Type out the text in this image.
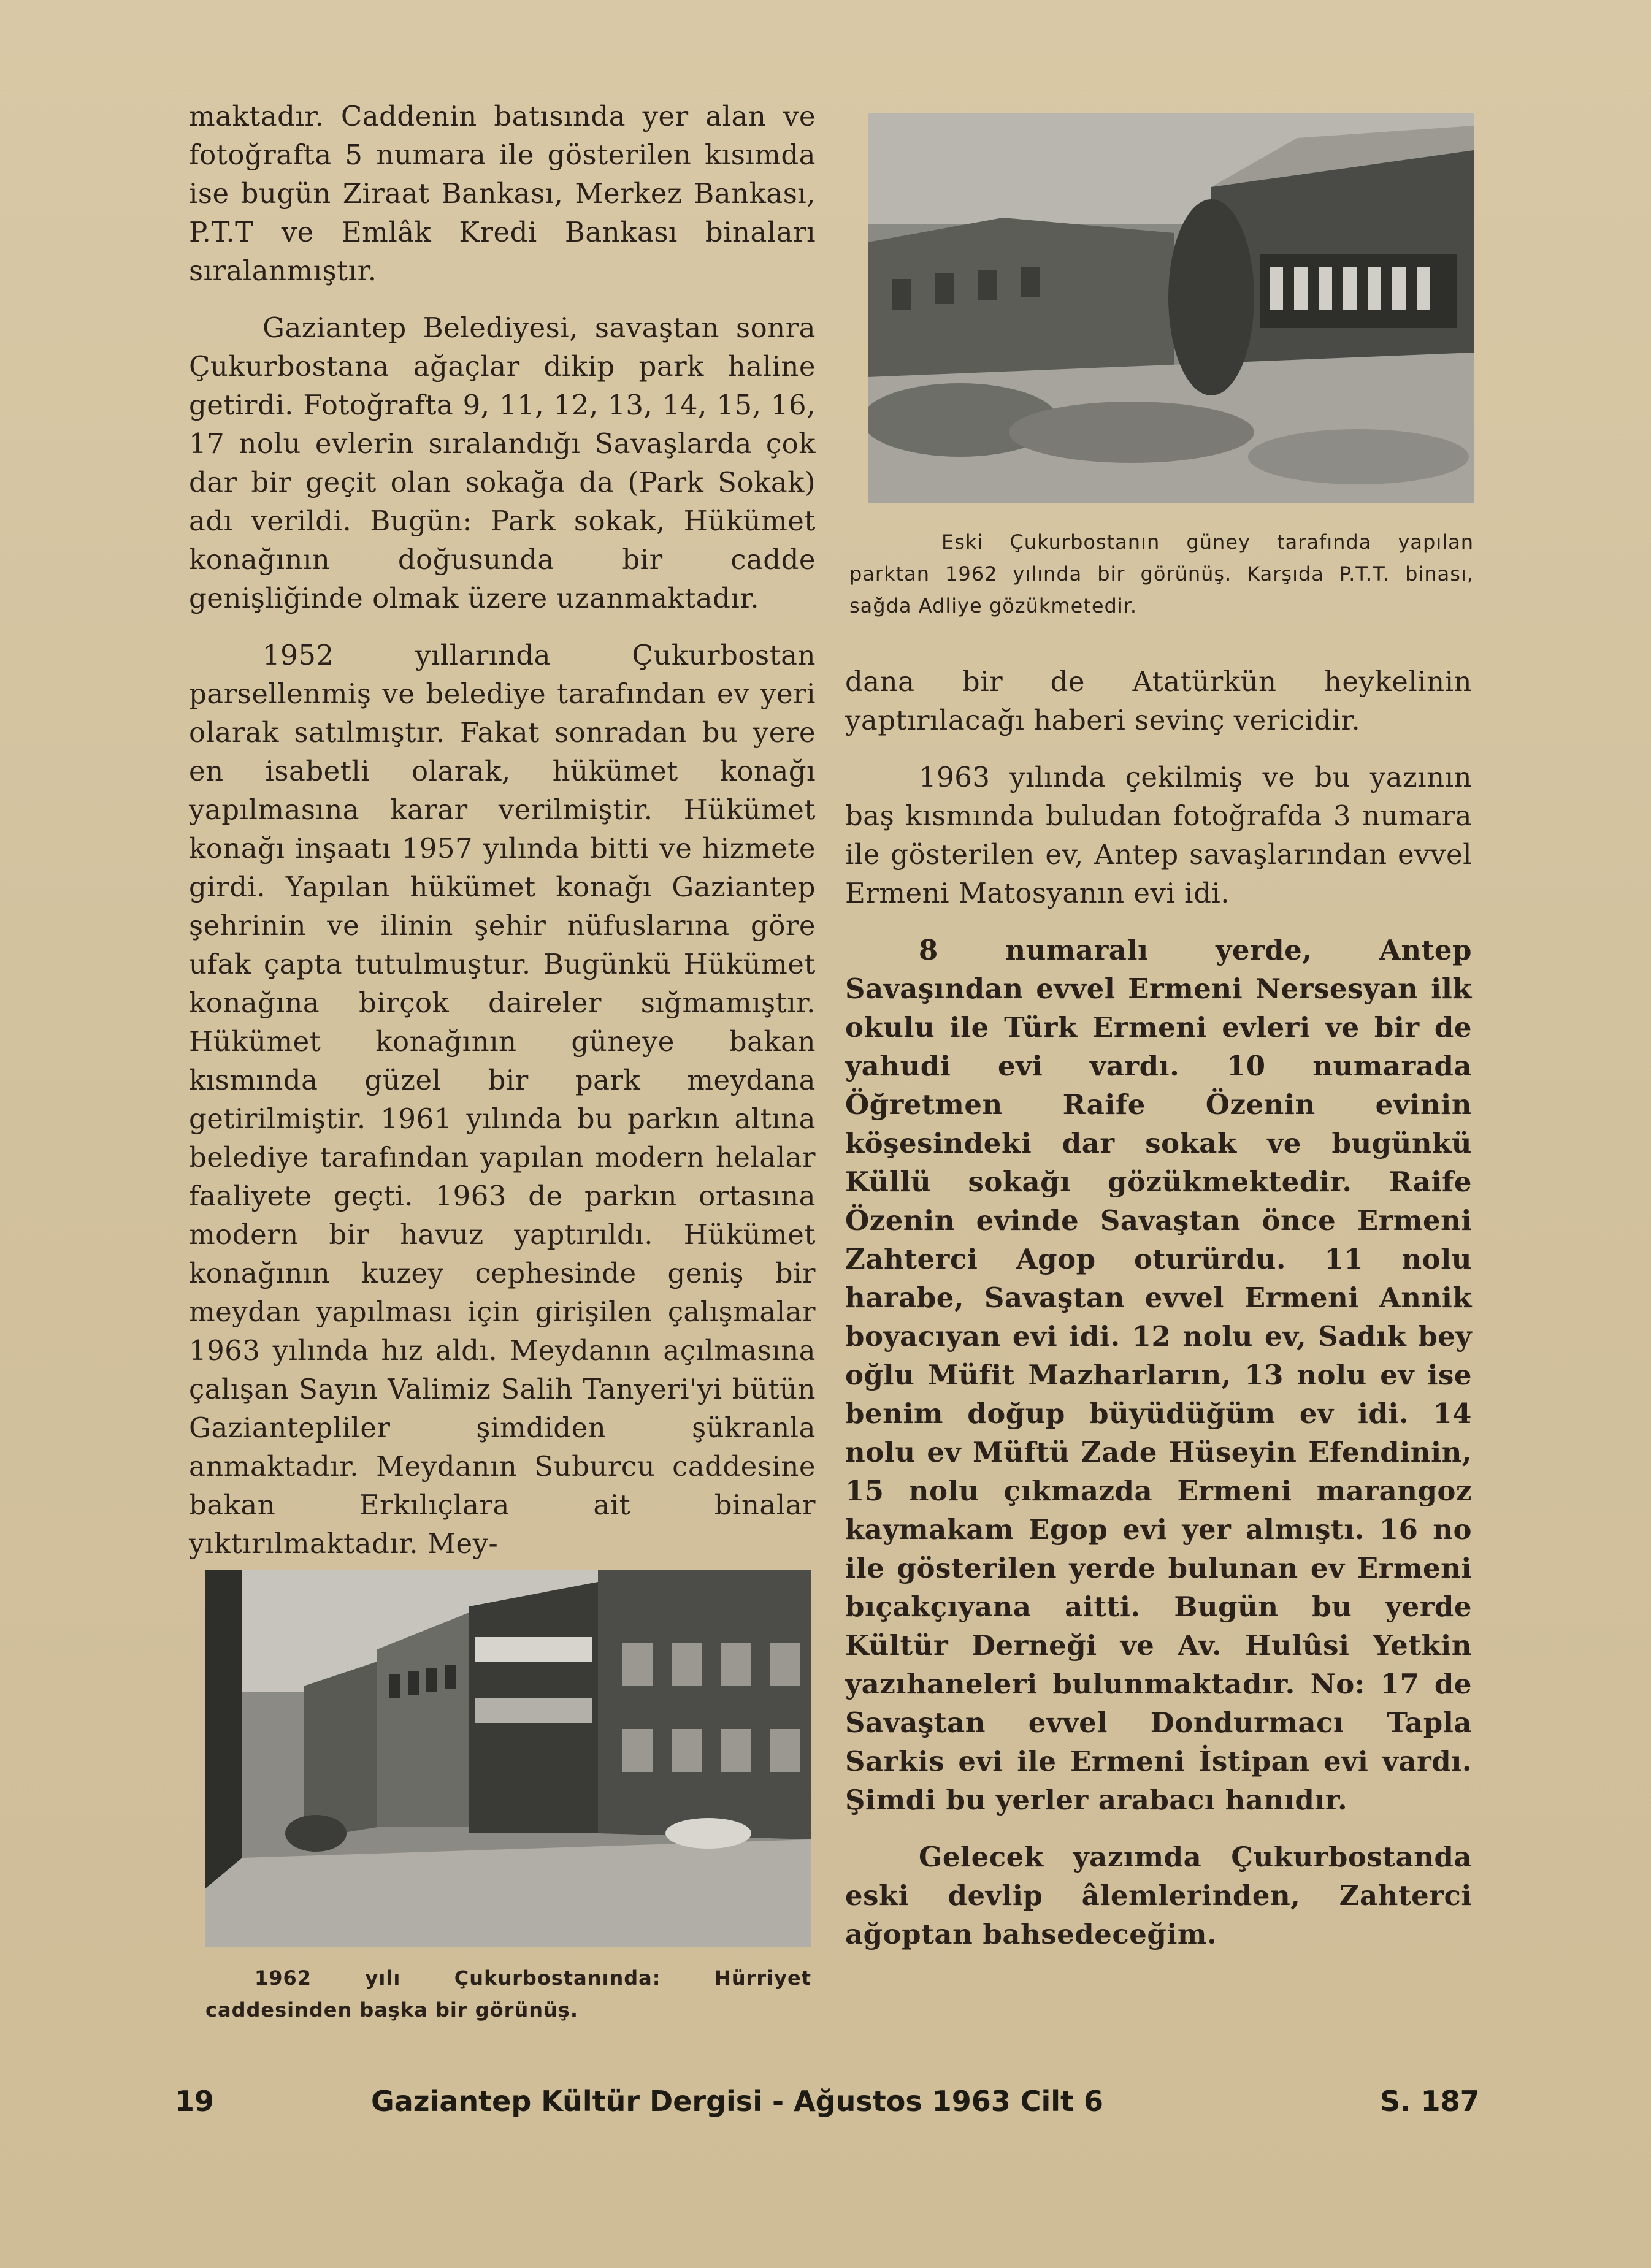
maktadır. Caddenin batısında yer alan ve fotoğrafta 5 numara ile gösterilen kısımda ise bugün Ziraat Bankası, Merkez Bankası, P.T.T ve Emlâk Kredi Bankası binaları sıralanmıştır.

Gaziantep Belediyesi, savaştan sonra Çukurbostana ağaçlar dikip park haline getirdi. Fotoğrafta 9, 11, 12, 13, 14, 15, 16, 17 nolu evlerin sıralandığı Savaşlarda çok dar bir geçit olan sokağa da (Park Sokak) adı verildi. Bugün: Park sokak, Hükümet konağının doğusunda bir cadde genişliğinde olmak üzere uzanmaktadır.

1952 yıllarında Çukurbostan parsellenmiş ve belediye tarafından ev yeri olarak satılmıştır. Fakat sonradan bu yere en isabetli olarak, hükümet konağı yapılmasına karar verilmiştir. Hükümet konağı inşaatı 1957 yılında bitti ve hizmete girdi. Yapılan hükümet konağı Gaziantep şehrinin ve ilinin şehir nüfuslarına göre ufak çapta tutulmuştur. Bugünkü Hükümet konağına birçok daireler sığmamıştır. Hükümet konağının güneye bakan kısmında güzel bir park meydana getirilmiştir. 1961 yılında bu parkın altına belediye tarafından yapılan modern helalar faaliyete geçti. 1963 de parkın ortasına modern bir havuz yaptırıldı. Hükümet konağının kuzey cephesinde geniş bir meydan yapılması için girişilen çalışmalar 1963 yılında hız aldı. Meydanın açılmasına çalışan Sayın Valimiz Salih Tanyeri'yi bütün Gaziantepliler şimdiden şükranla anmaktadır. Meydanın Suburcu caddesine bakan Erkılıçlara ait binalar yıktırılmaktadır. Mey-

Eski Çukurbostanın güney tarafında yapılan parktan 1962 yılında bir görünüş. Karşıda P.T.T. binası, sağda Adliye gözükmetedir.
1962 yılı Çukurbostanında: Hürriyet caddesinden başka bir görünüş.

dana bir de Atatürkün heykelinin yaptırılacağı haberi sevinç vericidir.

1963 yılında çekilmiş ve bu yazının baş kısmında buludan fotoğrafda 3 numara ile gösterilen ev, Antep savaşlarından evvel Ermeni Matosyanın evi idi.

8 numaralı yerde, Antep Savaşından evvel Ermeni Nersesyan ilk okulu ile Türk Ermeni evleri ve bir de yahudi evi vardı. 10 numarada Öğretmen Raife Özenin evinin köşesindeki dar sokak ve bugünkü Küllü sokağı gözükmektedir. Raife Özenin evinde Savaştan önce Ermeni Zahterci Agop oturürdu. 11 nolu harabe, Savaştan evvel Ermeni Annik boyacıyan evi idi. 12 nolu ev, Sadık bey oğlu Müfit Mazharların, 13 nolu ev ise benim doğup büyüdüğüm ev idi. 14 nolu ev Müftü Zade Hüseyin Efendinin, 15 nolu çıkmazda Ermeni marangoz kaymakam Egop evi yer almıştı. 16 no ile gösterilen yerde bulunan ev Ermeni bıçakçıyana aitti. Bugün bu yerde Kültür Derneği ve Av. Hulûsi Yetkin yazıhaneleri bulunmaktadır. No: 17 de Savaştan evvel Dondurmacı Tapla Sarkis evi ile Ermeni İstipan evi vardı. Şimdi bu yerler arabacı hanıdır.

Gelecek yazımda Çukurbostanda eski devlip âlemlerinden, Zahterci ağoptan bahsedeceğim.

19	Gaziantep Kültür Dergisi - Ağustos 1963 Cilt 6	S. 187
